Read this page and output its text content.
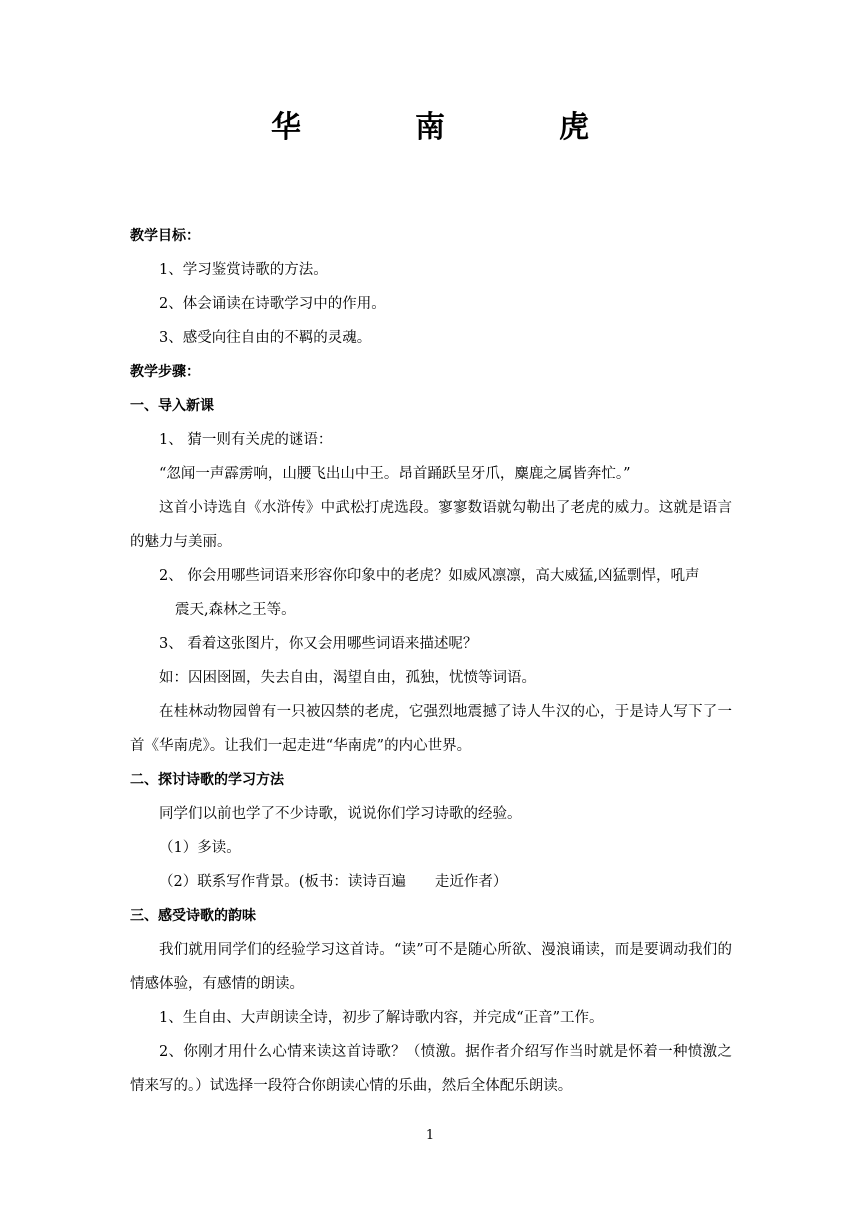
华　南　虎
教学目标：
1、学习鉴赏诗歌的方法。
2、体会诵读在诗歌学习中的作用。
3、感受向往自由的不羁的灵魂。
教学步骤：
一、导入新课
1、 猜一则有关虎的谜语：
“忽闻一声霹雳响，山腰飞出山中王。昂首踊跃呈牙爪，麋鹿之属皆奔忙。”
这首小诗选自《水浒传》中武松打虎选段。寥寥数语就勾勒出了老虎的威力。这就是语言的魅力与美丽。
2、 你会用哪些词语来形容你印象中的老虎？如威风凛凛，高大威猛,凶猛剽悍，吼声
震天,森林之王等。
3、 看着这张图片，你又会用哪些词语来描述呢？
如：囚困囹圄，失去自由，渴望自由，孤独，忧愤等词语。
在桂林动物园曾有一只被囚禁的老虎，它强烈地震撼了诗人牛汉的心，于是诗人写下了一首《华南虎》。让我们一起走进“华南虎”的内心世界。
二、探讨诗歌的学习方法
同学们以前也学了不少诗歌，说说你们学习诗歌的经验。
（1）多读。
（2）联系写作背景。(板书：读诗百遍　　走近作者）
三、感受诗歌的韵味
我们就用同学们的经验学习这首诗。“读”可不是随心所欲、漫浪诵读，而是要调动我们的情感体验，有感情的朗读。
1、生自由、大声朗读全诗，初步了解诗歌内容，并完成“正音”工作。
2、你刚才用什么心情来读这首诗歌？（愤激。据作者介绍写作当时就是怀着一种愤激之情来写的。）试选择一段符合你朗读心情的乐曲，然后全体配乐朗读。
1
